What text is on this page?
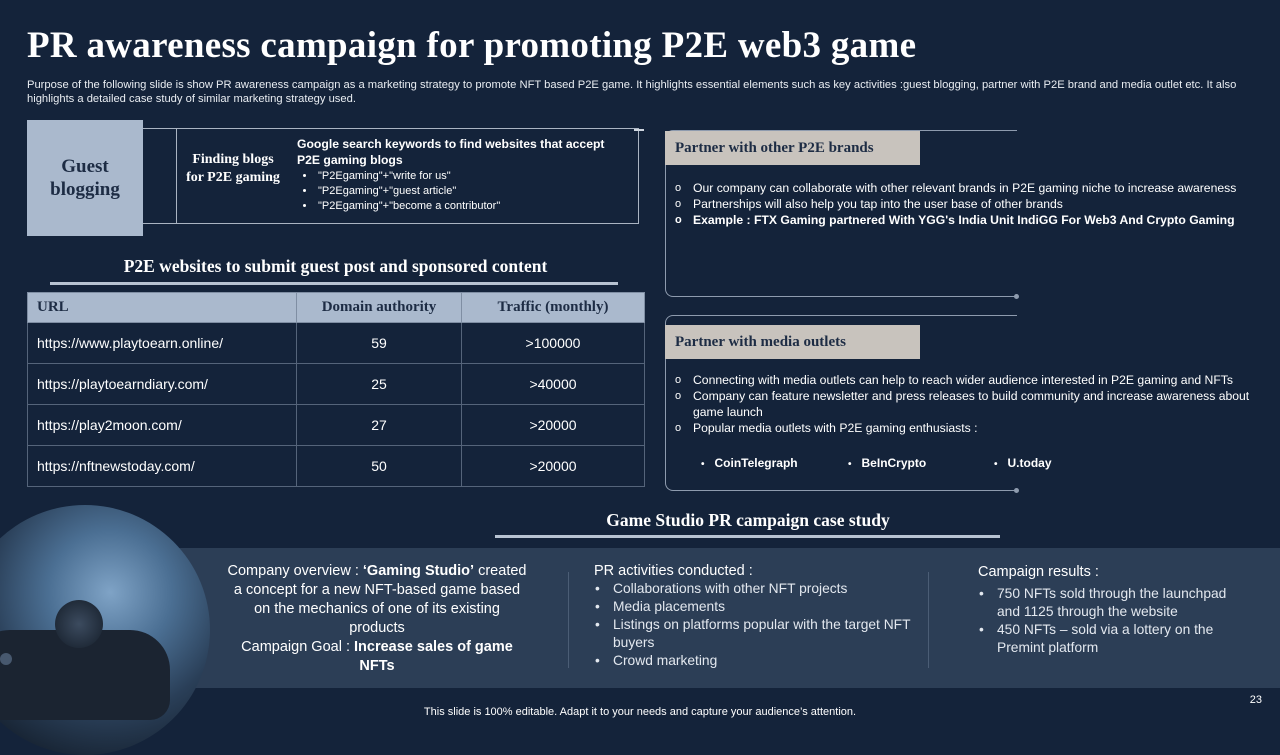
PR awareness campaign for promoting P2E web3 game
Purpose of the following slide is show PR awareness campaign as a marketing strategy to promote NFT based P2E game. It highlights essential elements such as key activities :guest blogging, partner with P2E brand and media outlet etc. It also highlights a detailed case study of similar marketing strategy used.
Guest blogging
Finding blogs for P2E gaming
Google search keywords to find websites that accept P2E gaming blogs
• "P2Egaming"+"write for us"
• "P2Egaming"+"guest article"
• "P2Egaming"+"become a contributor"
P2E websites to submit guest post and sponsored content
URL	Domain authority	Traffic (monthly)
https://www.playtoearn.online/	59	>100000
https://playtoearndiary.com/	25	>40000
https://play2moon.com/	27	>20000
https://nftnewstoday.com/	50	>20000
Partner with other P2E brands
o Our company can collaborate with other relevant brands in P2E gaming niche to increase awareness
o Partnerships will also help you tap into the user base of other brands
o Example : FTX Gaming partnered With YGG's India Unit IndiGG For Web3 And Crypto Gaming
Partner with media outlets
o Connecting with media outlets can help to reach wider audience interested in P2E gaming and NFTs
o Company can feature newsletter and press releases to build community and increase awareness about game launch
o Popular media outlets with P2E gaming enthusiasts :
• CoinTelegraph	• BeInCrypto	• U.today
Game Studio PR campaign case study
Company overview : ‘Gaming Studio’ created a concept for a new NFT-based game based on the mechanics of one of its existing products
Campaign Goal : Increase sales of game NFTs
PR activities conducted :
• Collaborations with other NFT projects
• Media placements
• Listings on platforms popular with the target NFT buyers
• Crowd marketing
Campaign results :
• 750 NFTs sold through the launchpad and 1125 through the website
• 450 NFTs – sold via a lottery on the Premint platform
23
This slide is 100% editable. Adapt it to your needs and capture your audience’s attention.
